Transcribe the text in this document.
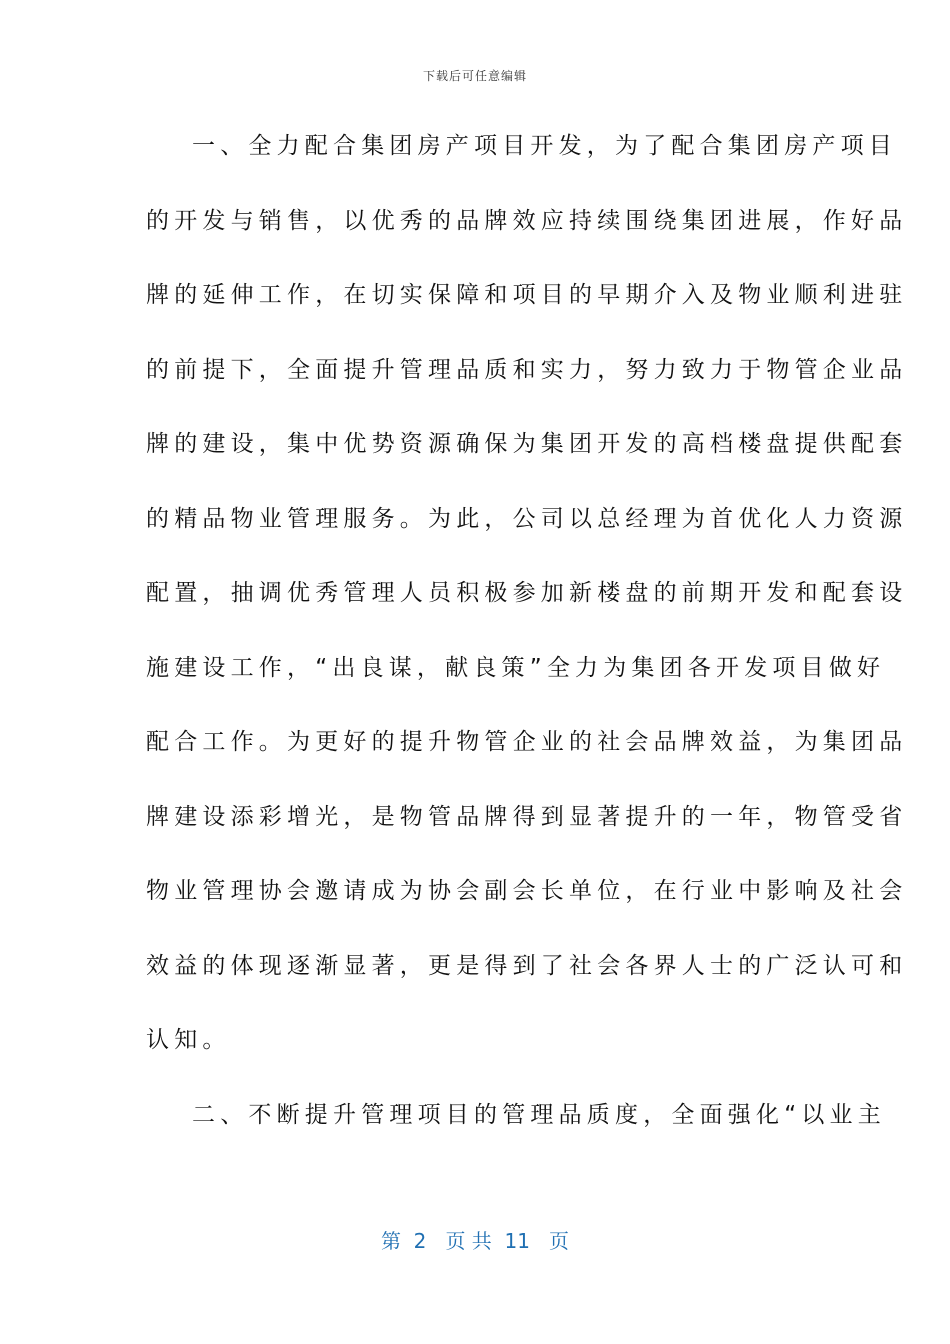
下载后可任意编辑
一、全力配合集团房产项目开发，为了配合集团房产项目
的开发与销售，以优秀的品牌效应持续围绕集团进展，作好品
牌的延伸工作，在切实保障和项目的早期介入及物业顺利进驻
的前提下，全面提升管理品质和实力，努力致力于物管企业品
牌的建设，集中优势资源确保为集团开发的高档楼盘提供配套
的精品物业管理服务。为此，公司以总经理为首优化人力资源
配置，抽调优秀管理人员积极参加新楼盘的前期开发和配套设
施建设工作，“出良谋，献良策”全力为集团各开发项目做好
配合工作。为更好的提升物管企业的社会品牌效益，为集团品
牌建设添彩增光，是物管品牌得到显著提升的一年，物管受省
物业管理协会邀请成为协会副会长单位，在行业中影响及社会
效益的体现逐渐显著，更是得到了社会各界人士的广泛认可和
认知。
二、不断提升管理项目的管理品质度，全面强化“以业主
第  2   页 共  11   页
